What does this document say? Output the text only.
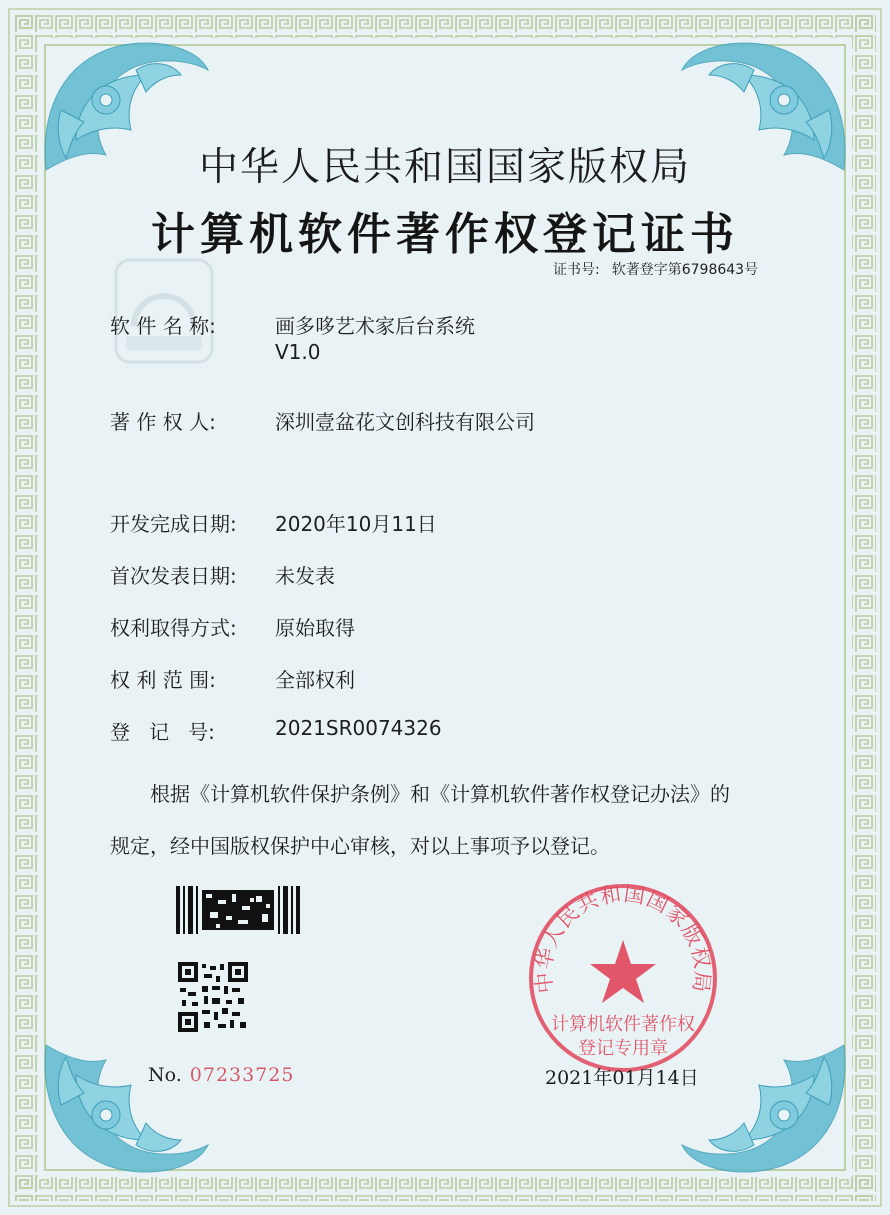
中华人民共和国国家版权局
计算机软件著作权登记证书
证书号: 软著登字第6798643号
软 件 名 称:	画多哆艺术家后台系统
V1.0
著 作 权 人:	深圳壹盆花文创科技有限公司
开发完成日期:	2020年10月11日
首次发表日期:	未发表
权利取得方式:	原始取得
权 利 范 围:	全部权利
登   记   号:	2021SR0074326
根据《计算机软件保护条例》和《计算机软件著作权登记办法》的
规定，经中国版权保护中心审核，对以上事项予以登记。
No. 07233725
中华人民共和国国家版权局
计算机软件著作权
登记专用章
2021年01月14日
